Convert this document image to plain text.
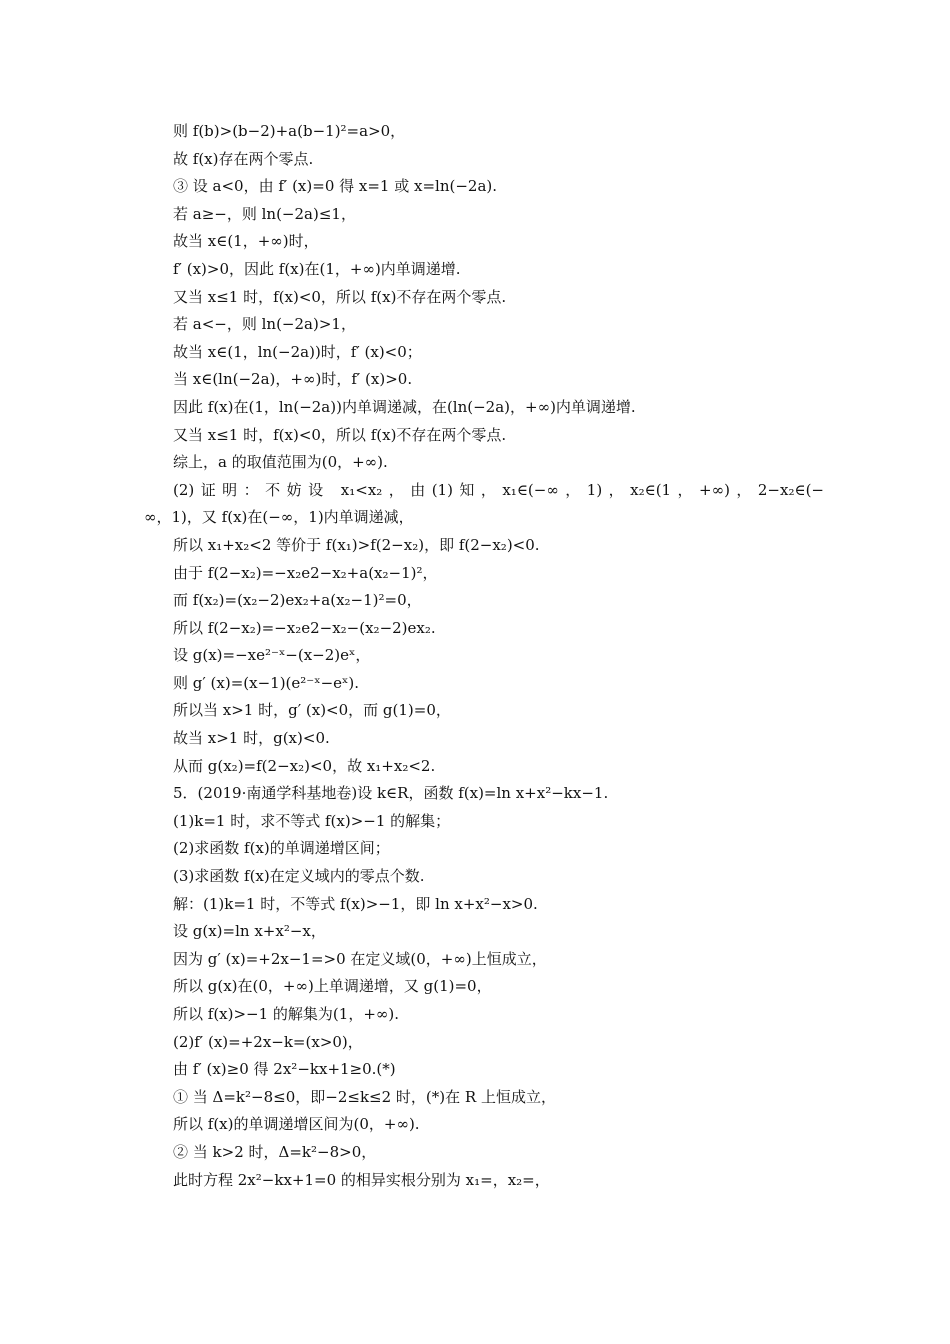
则 f(b)>(b−2)+a(b−1)²=a>0，
故 f(x)存在两个零点.
③ 设 a<0，由 f′ (x)=0 得 x=1 或 x=ln(−2a).
若 a≥−，则 ln(−2a)≤1，
故当 x∈(1，+∞)时，
f′ (x)>0，因此 f(x)在(1，+∞)内单调递增.
又当 x≤1 时，f(x)<0，所以 f(x)不存在两个零点.
若 a<−，则 ln(−2a)>1，
故当 x∈(1，ln(−2a))时，f′ (x)<0；
当 x∈(ln(−2a)，+∞)时，f′ (x)>0.
因此 f(x)在(1，ln(−2a))内单调递减，在(ln(−2a)，+∞)内单调递增.
又当 x≤1 时，f(x)<0，所以 f(x)不存在两个零点.
综上，a 的取值范围为(0，+∞).
(2)证明：不妨设 x₁<x₂，由(1)知，x₁∈(−∞，1)，x₂∈(1，+∞)，2−x₂∈(−
∞，1)，又 f(x)在(−∞，1)内单调递减，
所以 x₁+x₂<2 等价于 f(x₁)>f(2−x₂)，即 f(2−x₂)<0.
由于 f(2−x₂)=−x₂e2−x₂+a(x₂−1)²，
而 f(x₂)=(x₂−2)ex₂+a(x₂−1)²=0，
所以 f(2−x₂)=−x₂e2−x₂−(x₂−2)ex₂.
设 g(x)=−xe²⁻ˣ−(x−2)eˣ，
则 g′ (x)=(x−1)(e²⁻ˣ−eˣ).
所以当 x>1 时，g′ (x)<0，而 g(1)=0，
故当 x>1 时，g(x)<0.
从而 g(x₂)=f(2−x₂)<0，故 x₁+x₂<2.
5．(2019·南通学科基地卷)设 k∈R，函数 f(x)=ln x+x²−kx−1.
(1)k=1 时，求不等式 f(x)>−1 的解集；
(2)求函数 f(x)的单调递增区间；
(3)求函数 f(x)在定义域内的零点个数.
解：(1)k=1 时，不等式 f(x)>−1，即 ln x+x²−x>0.
设 g(x)=ln x+x²−x，
因为 g′ (x)=+2x−1=>0 在定义域(0，+∞)上恒成立，
所以 g(x)在(0，+∞)上单调递增，又 g(1)=0，
所以 f(x)>−1 的解集为(1，+∞).
(2)f′ (x)=+2x−k=(x>0)，
由 f′ (x)≥0 得 2x²−kx+1≥0.(*)
① 当 Δ=k²−8≤0，即−2≤k≤2 时，(*)在 R 上恒成立，
所以 f(x)的单调递增区间为(0，+∞).
② 当 k>2 时，Δ=k²−8>0，
此时方程 2x²−kx+1=0 的相异实根分别为 x₁=，x₂=，
